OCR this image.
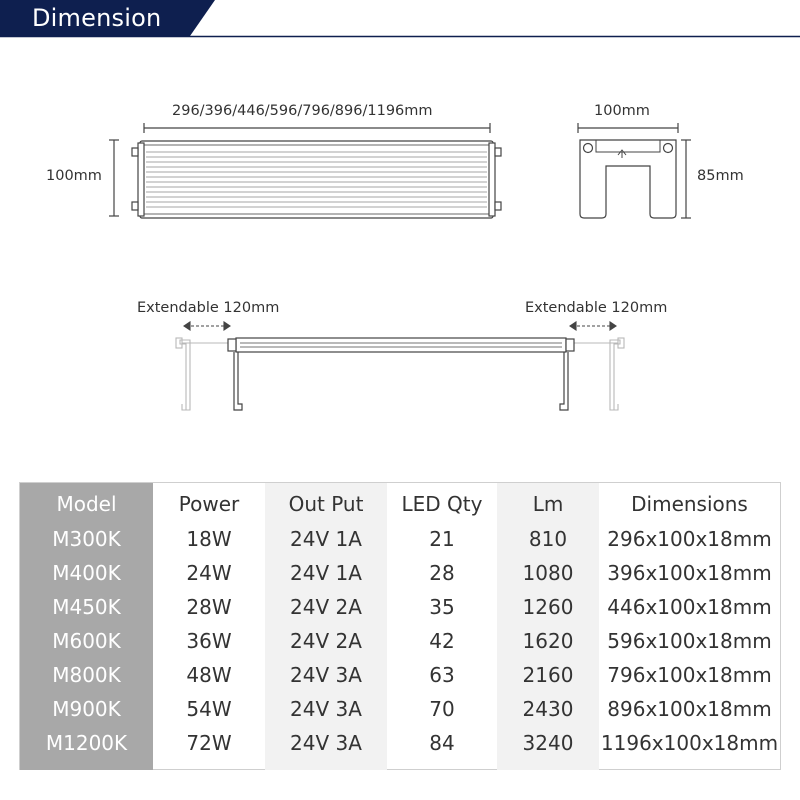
Dimension
296/396/446/596/796/896/1196mm
100mm
100mm
85mm
Extendable 120mm	Extendable 120mm
Model
M300K
M400K
M450K
M600K
M800K
M900K
M1200K
Power
18W
24W
28W
36W
48W
54W
72W
Out Put
24V 1A
24V 1A
24V 2A
24V 2A
24V 3A
24V 3A
24V 3A
LED Qty
21
28
35
42
63
70
84
Lm
810
1080
1260
1620
2160
2430
3240
Dimensions
296x100x18mm
396x100x18mm
446x100x18mm
596x100x18mm
796x100x18mm
896x100x18mm
1196x100x18mm
